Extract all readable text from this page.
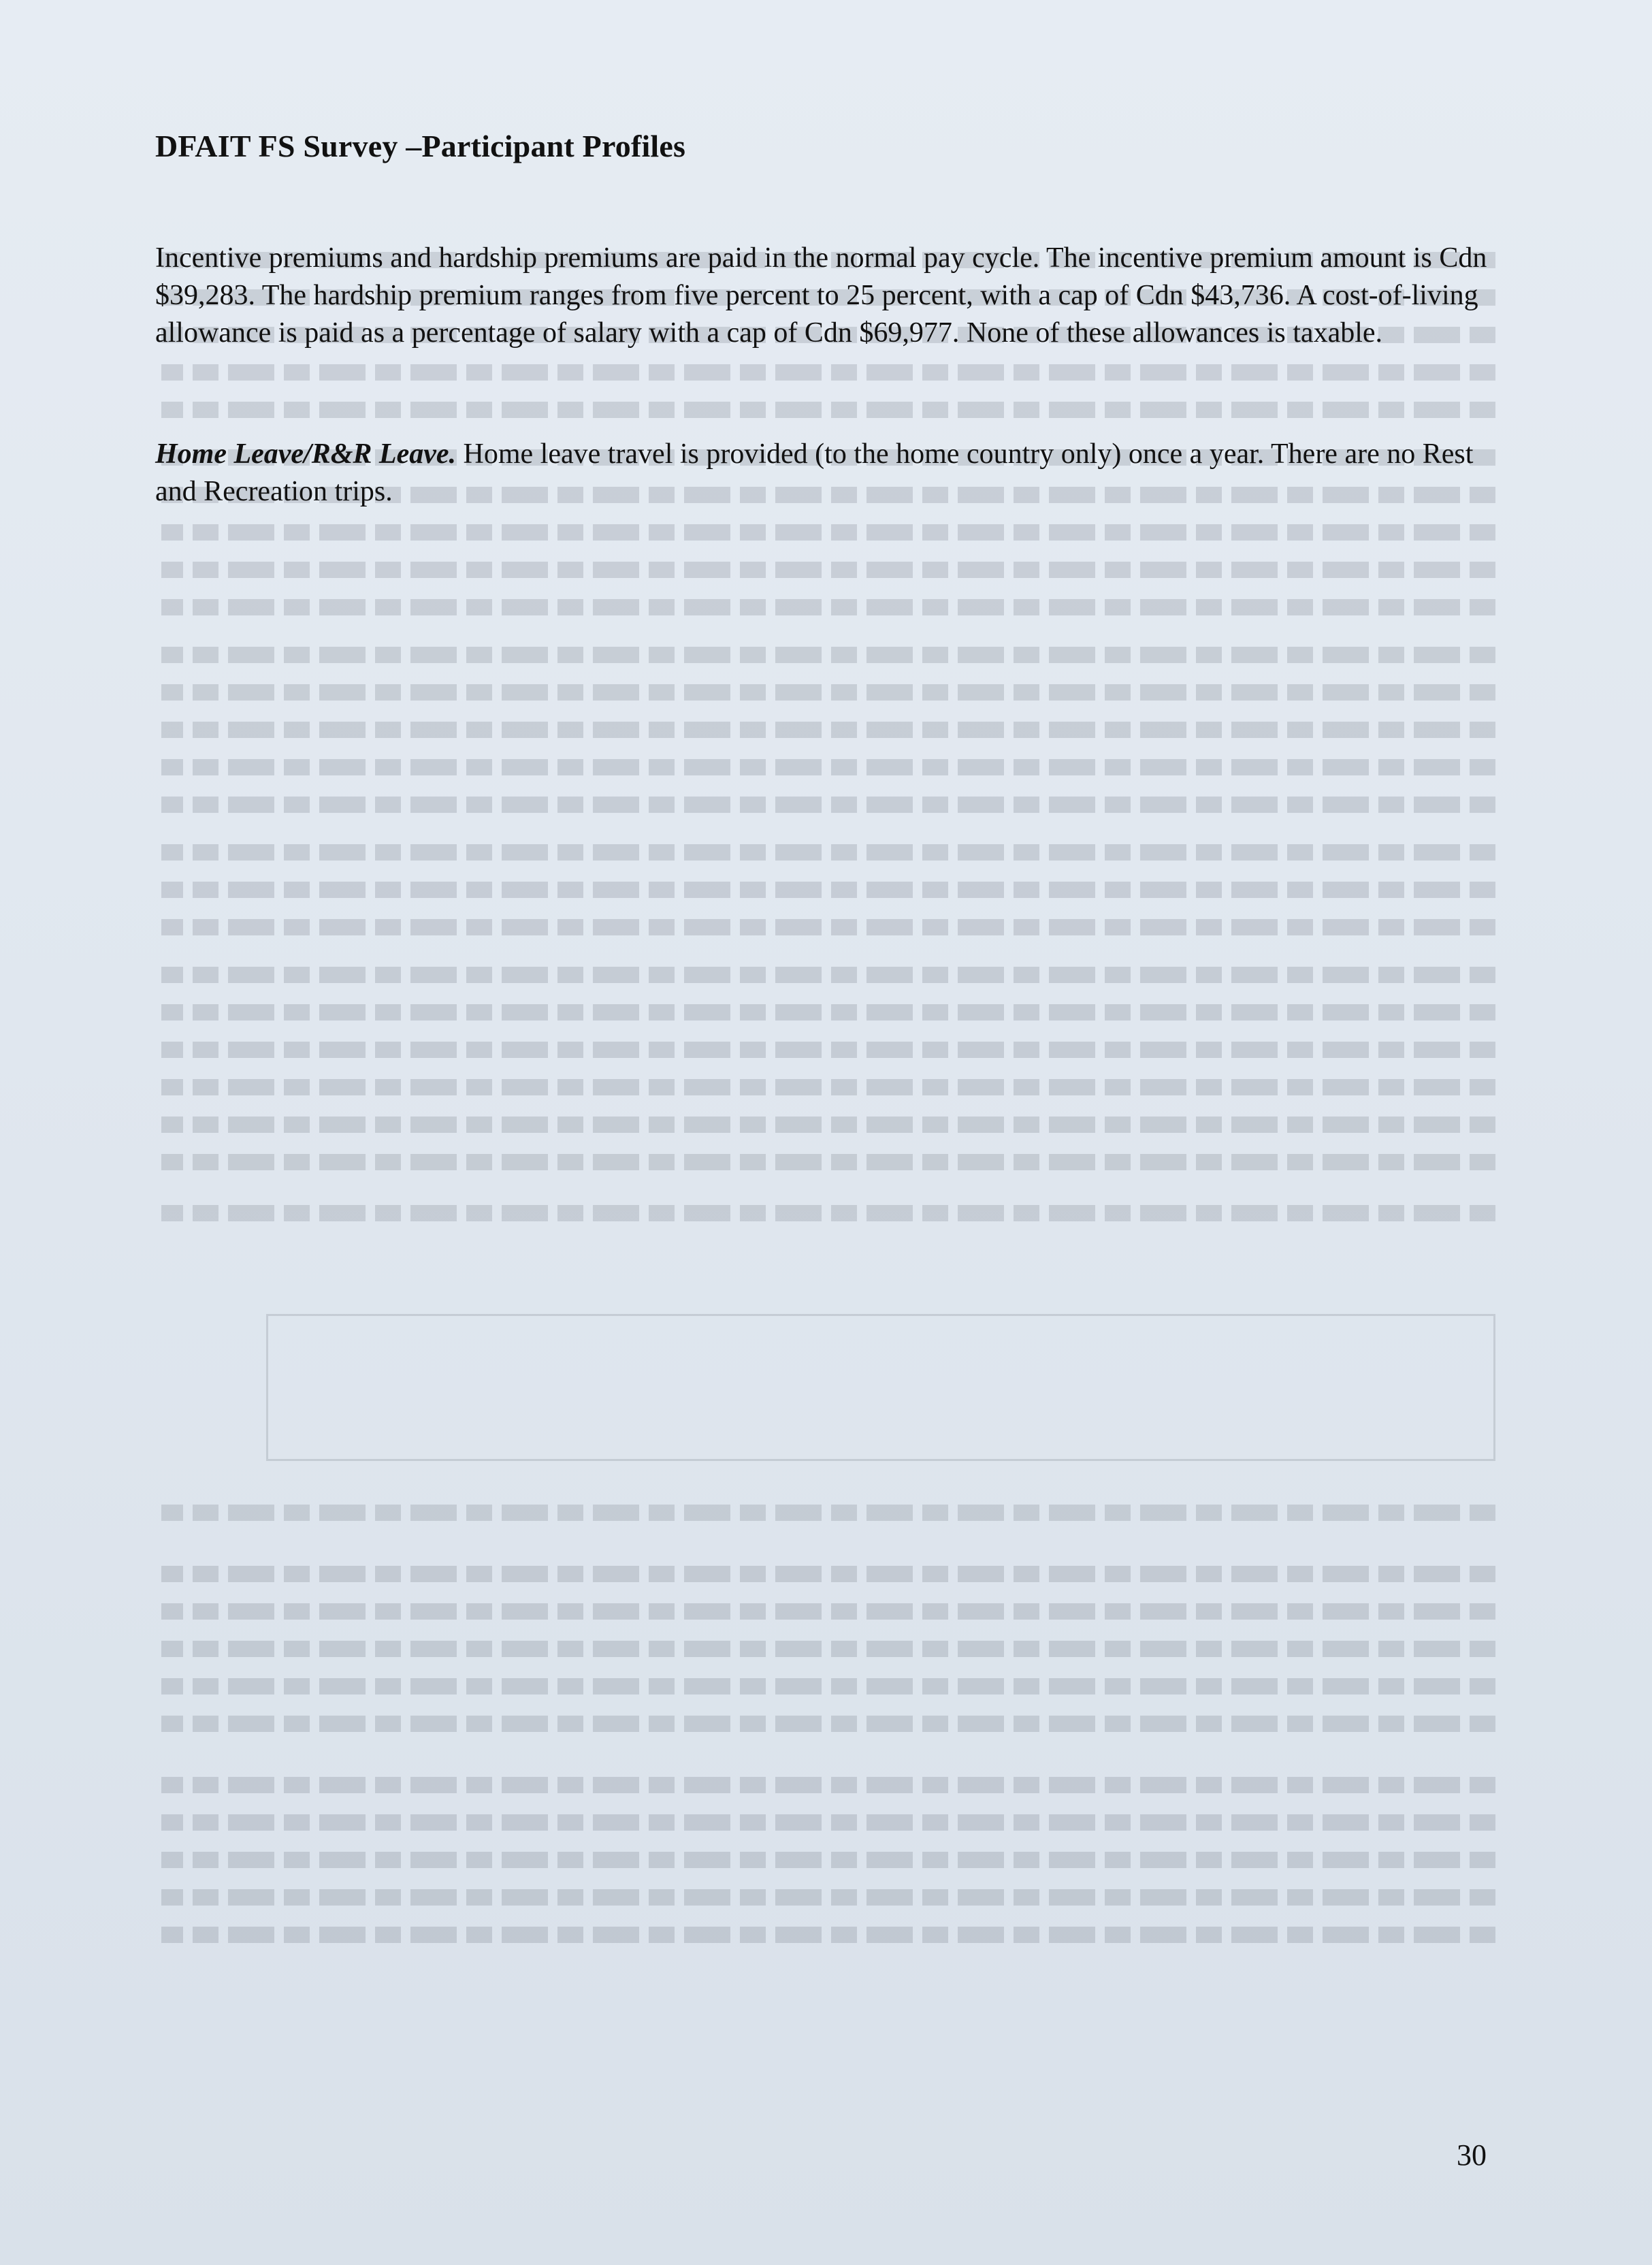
DFAIT FS Survey –Participant Profiles

Incentive premiums and hardship premiums are paid in the normal pay cycle. The incentive premium amount is Cdn $39,283. The hardship premium ranges from five percent to 25 percent, with a cap of Cdn $43,736. A cost-of-living allowance is paid as a percentage of salary with a cap of Cdn $69,977. None of these allowances is taxable.

Home Leave/R&R Leave. Home leave travel is provided (to the home country only) once a year. There are no Rest and Recreation trips.

30
